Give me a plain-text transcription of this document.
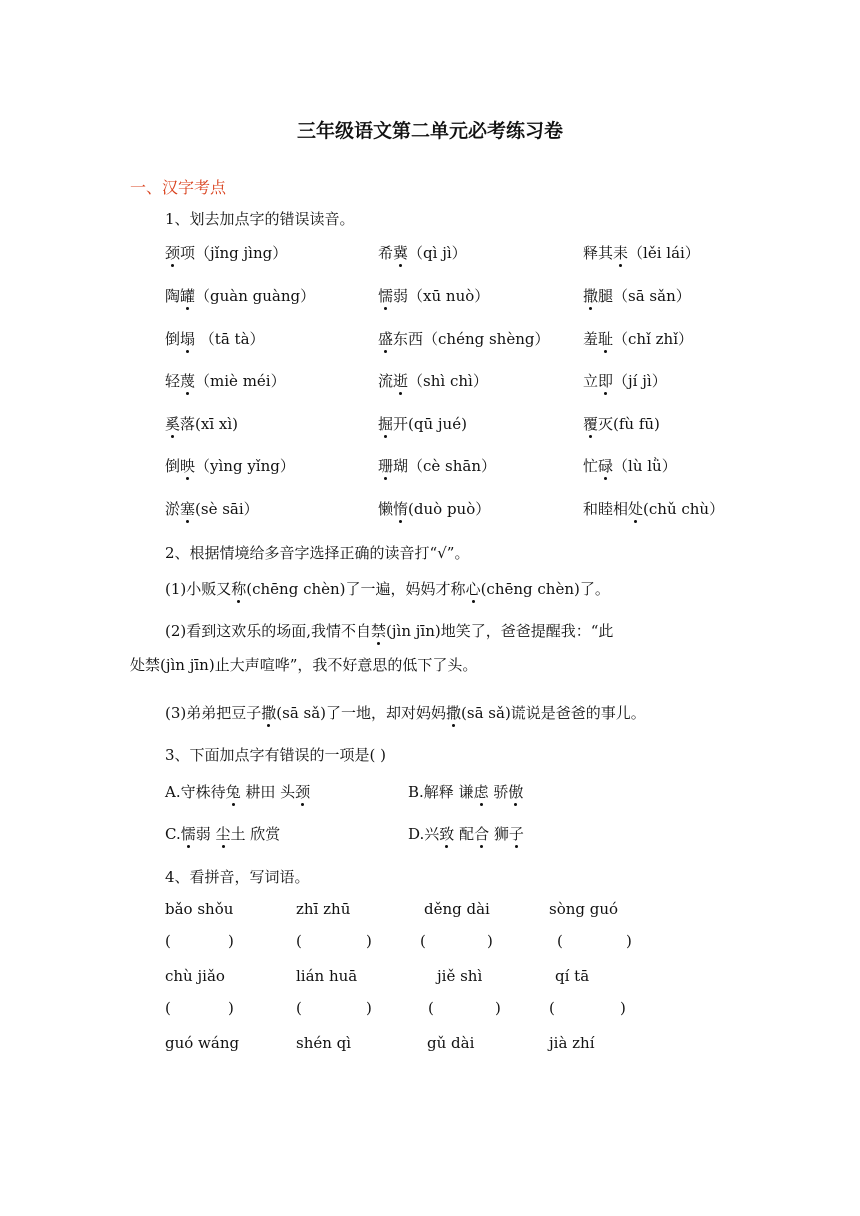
三年级语文第二单元必考练习卷
一、汉字考点
1、划去加点字的错误读音。
颈项（jǐng jìng）	希冀（qì jì）	释其耒（lěi lái）
陶罐（guàn guàng）	懦弱（xū nuò）	撒腿（sā sǎn）
倒塌 （tā tà）	盛东西（chéng shèng） 羞耻（chǐ zhǐ）
轻蔑（miè méi）	流逝（shì chì）	立即（jí jì）
奚落(xī xì)	掘开(qū jué)	覆灭(fù fū)
倒映（yìng yǐng）	珊瑚（cè shān）	忙碌（lù lǜ）
淤塞(sè sāi）	懒惰(duò può）	和睦相处(chǔ chù）
2、根据情境给多音字选择正确的读音打“√”。
(1)小贩又称(chēng chèn)了一遍，妈妈才称心(chēng chèn)了。
(2)看到这欢乐的场面,我情不自禁(jìn jīn)地笑了，爸爸提醒我：“此
处禁(jìn jīn)止大声喧哗”，我不好意思的低下了头。
(3)弟弟把豆子撒(sā sǎ)了一地，却对妈妈撒(sā sǎ)谎说是爸爸的事儿。
3、下面加点字有错误的一项是( )
A.守株待兔 耕田 头颈	B.解释 谦虑 骄傲
C.懦弱 尘土 欣赏	D.兴致 配合 狮子
4、看拼音，写词语。
bǎo shǒu	zhī zhū	děng dài	sòng guó
(	)	(	)	(	)	(	)
chù jiǎo	lián huā	jiě shì	qí tā
(	)	(	)	(	)	(	)
guó wáng	shén qì	gǔ dài	jià zhí
